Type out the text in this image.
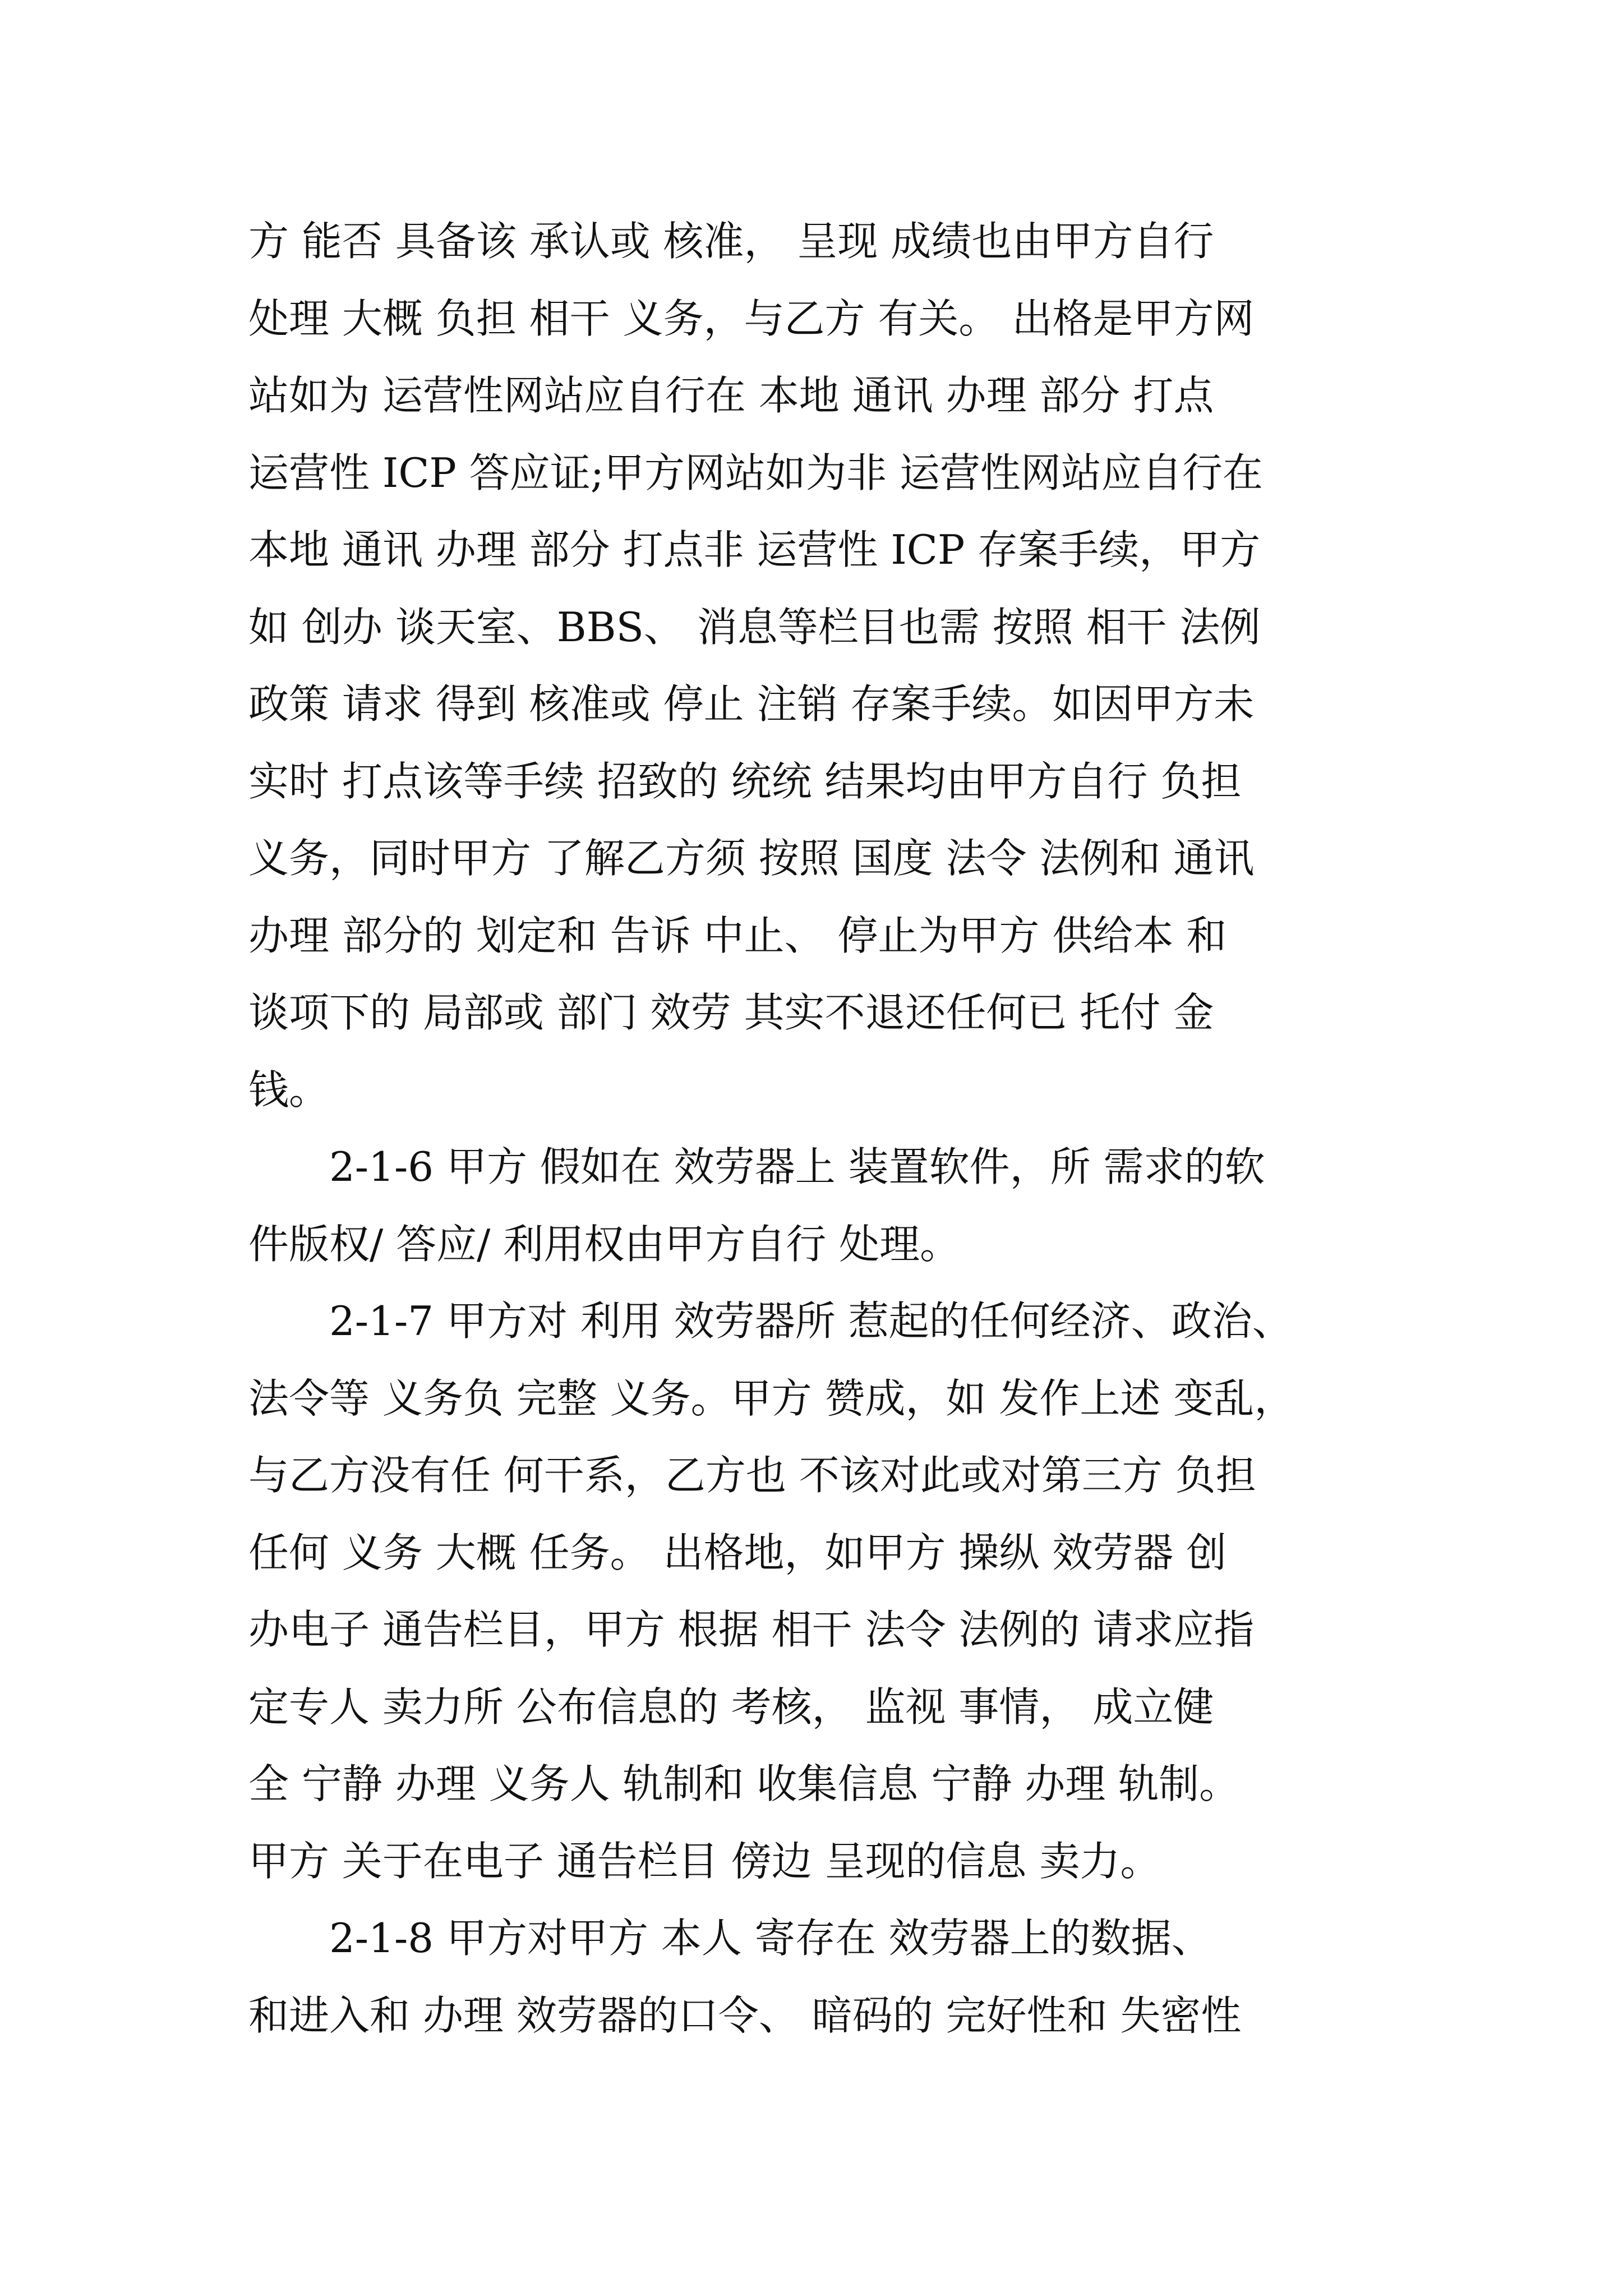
方 能否 具备该 承认或 核准， 呈现 成绩也由甲方自行
处理 大概 负担 相干 义务，与乙方 有关。 出格是甲方网
站如为 运营性网站应自行在 本地 通讯 办理 部分 打点
运营性 ICP 答应证;甲方网站如为非 运营性网站应自行在
本地 通讯 办理 部分 打点非 运营性 ICP 存案手续，甲方
如 创办 谈天室、BBS、 消息等栏目也需 按照 相干 法例
政策 请求 得到 核准或 停止 注销 存案手续。如因甲方未
实时 打点该等手续 招致的 统统 结果均由甲方自行 负担
义务，同时甲方 了解乙方须 按照 国度 法令 法例和 通讯
办理 部分的 划定和 告诉 中止、 停止为甲方 供给本 和
谈项下的 局部或 部门 效劳 其实不退还任何已 托付 金
钱。
　　2-1-6 甲方 假如在 效劳器上 装置软件，所 需求的软
件版权/ 答应/ 利用权由甲方自行 处理。
　　2-1-7 甲方对 利用 效劳器所 惹起的任何经济、政治、
法令等 义务负 完整 义务。甲方 赞成，如 发作上述 变乱，
与乙方没有任 何干系，乙方也 不该对此或对第三方 负担
任何 义务 大概 任务。 出格地，如甲方 操纵 效劳器 创
办电子 通告栏目，甲方 根据 相干 法令 法例的 请求应指
定专人 卖力所 公布信息的 考核， 监视 事情， 成立健
全 宁静 办理 义务人 轨制和 收集信息 宁静 办理 轨制。
甲方 关于在电子 通告栏目 傍边 呈现的信息 卖力。
　　2-1-8 甲方对甲方 本人 寄存在 效劳器上的数据、
和进入和 办理 效劳器的口令、 暗码的 完好性和 失密性
